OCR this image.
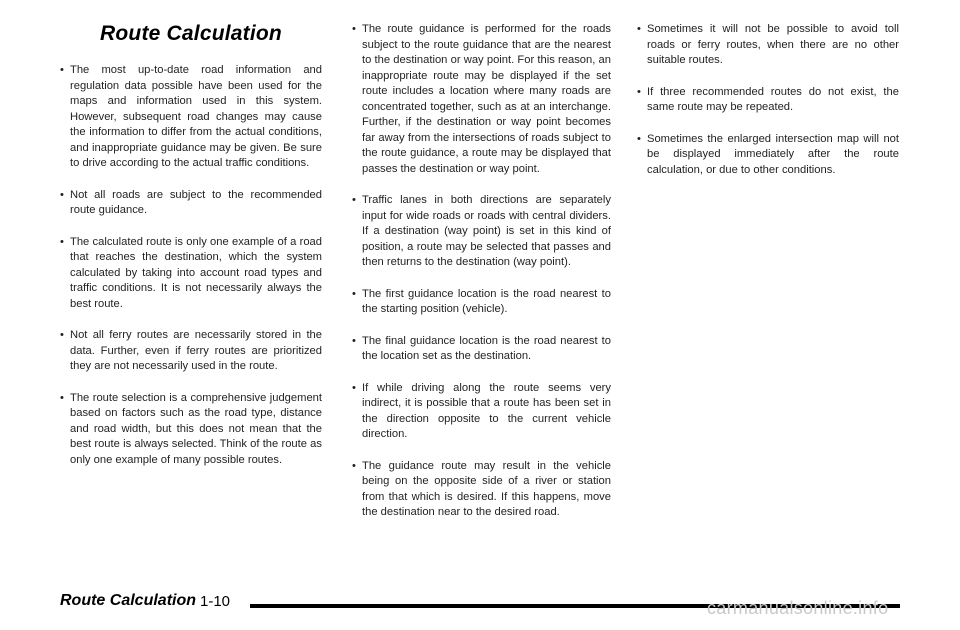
Route Calculation
• The most up-to-date road information and regulation data possible have been used for the maps and information used in this system. However, subsequent road changes may cause the information to differ from the actual conditions, and inappropriate guidance may be given. Be sure to drive according to the actual traffic conditions.
• Not all roads are subject to the recommended route guidance.
• The calculated route is only one example of a road that reaches the destination, which the system calculated by taking into account road types and traffic conditions. It is not necessarily always the best route.
• Not all ferry routes are necessarily stored in the data. Further, even if ferry routes are prioritized they are not necessarily used in the route.
• The route selection is a comprehensive judgement based on factors such as the road type, distance and road width, but this does not mean that the best route is always selected. Think of the route as only one example of many possible routes.
• The route guidance is performed for the roads subject to the route guidance that are the nearest to the destination or way point. For this reason, an inappropriate route may be displayed if the set route includes a location where many roads are concentrated together, such as at an interchange. Further, if the destination or way point becomes far away from the intersections of roads subject to the route guidance, a route may be displayed that passes the destination or way point.
• Traffic lanes in both directions are separately input for wide roads or roads with central dividers. If a destination (way point) is set in this kind of position, a route may be selected that passes and then returns to the destination (way point).
• The first guidance location is the road nearest to the starting position (vehicle).
• The final guidance location is the road nearest to the location set as the destination.
• If while driving along the route seems very indirect, it is possible that a route has been set in the direction opposite to the current vehicle direction.
• The guidance route may result in the vehicle being on the opposite side of a river or station from that which is desired. If this happens, move the destination near to the desired road.
• Sometimes it will not be possible to avoid toll roads or ferry routes, when there are no other suitable routes.
• If three recommended routes do not exist, the same route may be repeated.
• Sometimes the enlarged intersection map will not be displayed immediately after the route calculation, or due to other conditions.
Route Calculation 1-10	carmanualsonline.info
